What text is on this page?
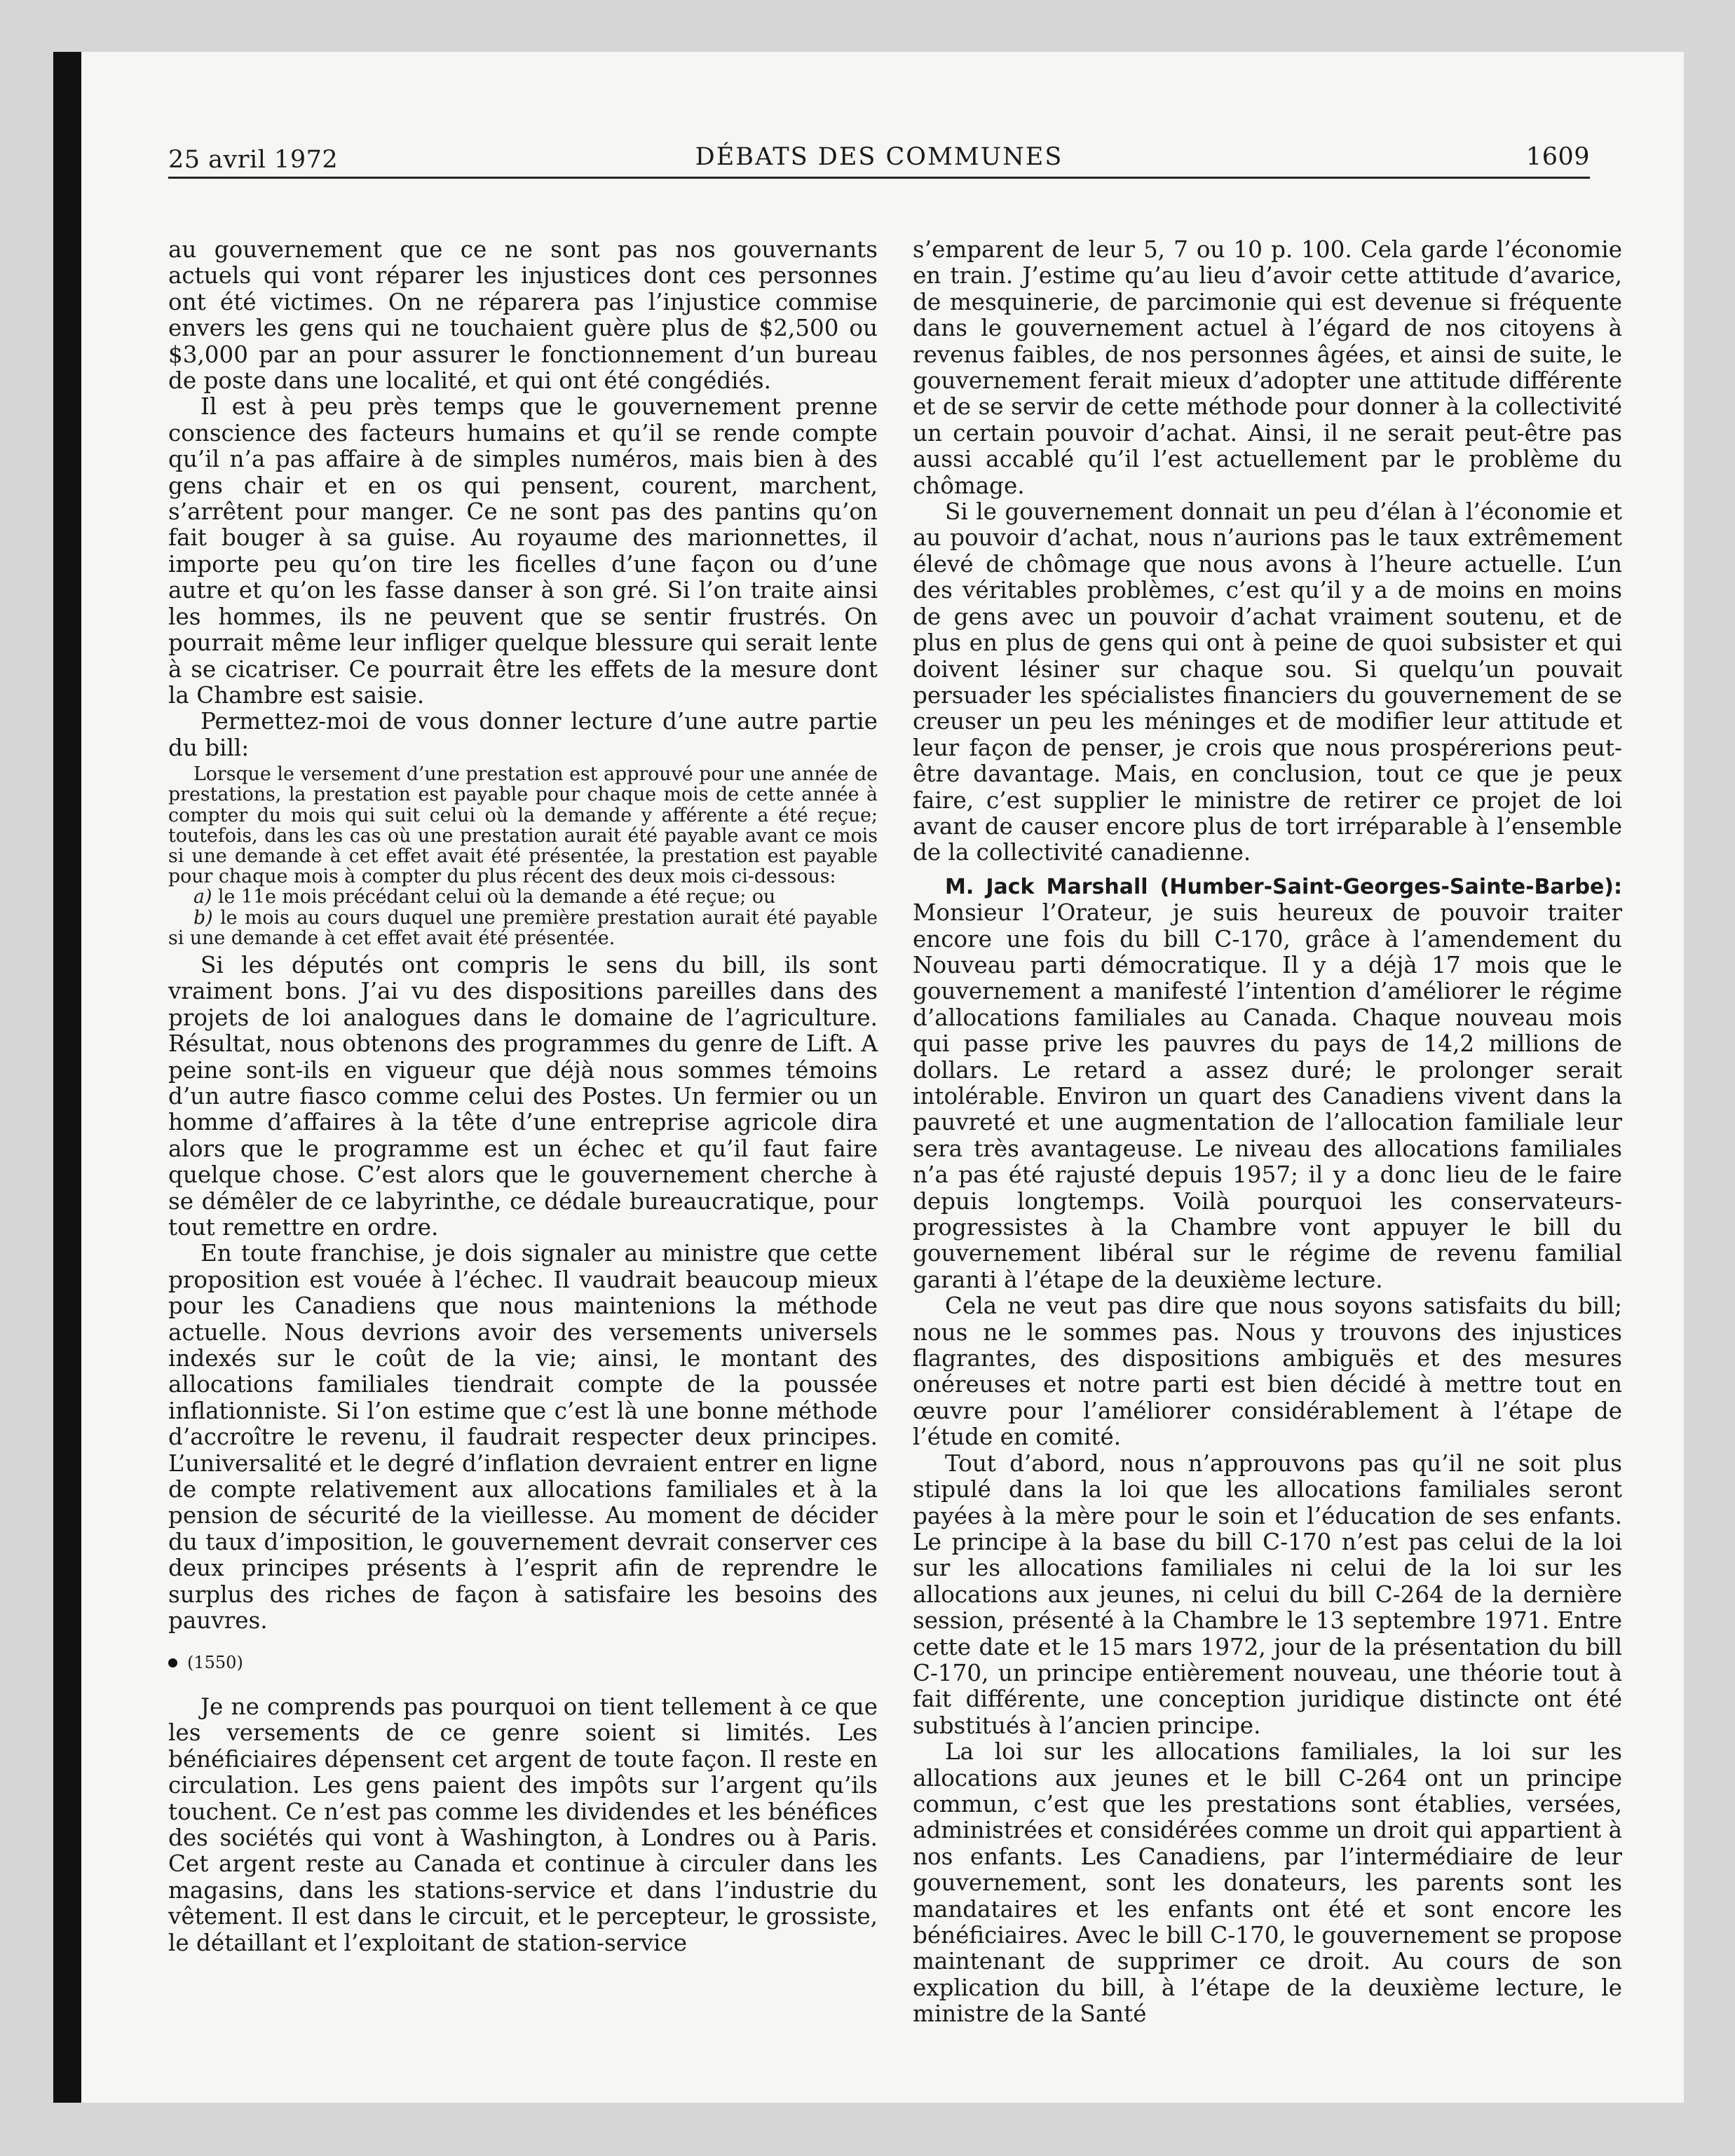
25 avril 1972	DÉBATS DES COMMUNES	1609

au gouvernement que ce ne sont pas nos gouvernants actuels qui vont réparer les injustices dont ces personnes ont été victimes. On ne réparera pas l’injustice commise envers les gens qui ne touchaient guère plus de $2,500 ou $3,000 par an pour assurer le fonctionnement d’un bureau de poste dans une localité, et qui ont été congédiés.

Il est à peu près temps que le gouvernement prenne conscience des facteurs humains et qu’il se rende compte qu’il n’a pas affaire à de simples numéros, mais bien à des gens chair et en os qui pensent, courent, marchent, s’arrêtent pour manger. Ce ne sont pas des pantins qu’on fait bouger à sa guise. Au royaume des marionnettes, il importe peu qu’on tire les ficelles d’une façon ou d’une autre et qu’on les fasse danser à son gré. Si l’on traite ainsi les hommes, ils ne peuvent que se sentir frustrés. On pourrait même leur infliger quelque blessure qui serait lente à se cicatriser. Ce pourrait être les effets de la mesure dont la Chambre est saisie.

Permettez-moi de vous donner lecture d’une autre partie du bill:

Lorsque le versement d’une prestation est approuvé pour une année de prestations, la prestation est payable pour chaque mois de cette année à compter du mois qui suit celui où la demande y afférente a été reçue; toutefois, dans les cas où une prestation aurait été payable avant ce mois si une demande à cet effet avait été présentée, la prestation est payable pour chaque mois à compter du plus récent des deux mois ci-dessous:

a) le 11e mois précédant celui où la demande a été reçue; ou

b) le mois au cours duquel une première prestation aurait été payable si une demande à cet effet avait été présentée.

Si les députés ont compris le sens du bill, ils sont vraiment bons. J’ai vu des dispositions pareilles dans des projets de loi analogues dans le domaine de l’agriculture. Résultat, nous obtenons des programmes du genre de Lift. A peine sont-ils en vigueur que déjà nous sommes témoins d’un autre fiasco comme celui des Postes. Un fermier ou un homme d’affaires à la tête d’une entreprise agricole dira alors que le programme est un échec et qu’il faut faire quelque chose. C’est alors que le gouvernement cherche à se démêler de ce labyrinthe, ce dédale bureaucratique, pour tout remettre en ordre.

En toute franchise, je dois signaler au ministre que cette proposition est vouée à l’échec. Il vaudrait beaucoup mieux pour les Canadiens que nous maintenions la méthode actuelle. Nous devrions avoir des versements universels indexés sur le coût de la vie; ainsi, le montant des allocations familiales tiendrait compte de la poussée inflationniste. Si l’on estime que c’est là une bonne méthode d’accroître le revenu, il faudrait respecter deux principes. L’universalité et le degré d’inflation devraient entrer en ligne de compte relativement aux allocations familiales et à la pension de sécurité de la vieillesse. Au moment de décider du taux d’imposition, le gouvernement devrait conserver ces deux principes présents à l’esprit afin de reprendre le surplus des riches de façon à satisfaire les besoins des pauvres.

(1550)

Je ne comprends pas pourquoi on tient tellement à ce que les versements de ce genre soient si limités. Les bénéficiaires dépensent cet argent de toute façon. Il reste en circulation. Les gens paient des impôts sur l’argent qu’ils touchent. Ce n’est pas comme les dividendes et les bénéfices des sociétés qui vont à Washington, à Londres ou à Paris. Cet argent reste au Canada et continue à circuler dans les magasins, dans les stations-service et dans l’industrie du vêtement. Il est dans le circuit, et le percepteur, le grossiste, le détaillant et l’exploitant de station-service

s’emparent de leur 5, 7 ou 10 p. 100. Cela garde l’économie en train. J’estime qu’au lieu d’avoir cette attitude d’avarice, de mesquinerie, de parcimonie qui est devenue si fréquente dans le gouvernement actuel à l’égard de nos citoyens à revenus faibles, de nos personnes âgées, et ainsi de suite, le gouvernement ferait mieux d’adopter une attitude différente et de se servir de cette méthode pour donner à la collectivité un certain pouvoir d’achat. Ainsi, il ne serait peut-être pas aussi accablé qu’il l’est actuellement par le problème du chômage.

Si le gouvernement donnait un peu d’élan à l’économie et au pouvoir d’achat, nous n’aurions pas le taux extrêmement élevé de chômage que nous avons à l’heure actuelle. L’un des véritables problèmes, c’est qu’il y a de moins en moins de gens avec un pouvoir d’achat vraiment soutenu, et de plus en plus de gens qui ont à peine de quoi subsister et qui doivent lésiner sur chaque sou. Si quelqu’un pouvait persuader les spécialistes financiers du gouvernement de se creuser un peu les méninges et de modifier leur attitude et leur façon de penser, je crois que nous prospérerions peut-être davantage. Mais, en conclusion, tout ce que je peux faire, c’est supplier le ministre de retirer ce projet de loi avant de causer encore plus de tort irréparable à l’ensemble de la collectivité canadienne.

M. Jack Marshall (Humber-Saint-Georges-Sainte-Barbe): Monsieur l’Orateur, je suis heureux de pouvoir traiter encore une fois du bill C-170, grâce à l’amendement du Nouveau parti démocratique. Il y a déjà 17 mois que le gouvernement a manifesté l’intention d’améliorer le régime d’allocations familiales au Canada. Chaque nouveau mois qui passe prive les pauvres du pays de 14,2 millions de dollars. Le retard a assez duré; le prolonger serait intolérable. Environ un quart des Canadiens vivent dans la pauvreté et une augmentation de l’allocation familiale leur sera très avantageuse. Le niveau des allocations familiales n’a pas été rajusté depuis 1957; il y a donc lieu de le faire depuis longtemps. Voilà pourquoi les conservateurs-progressistes à la Chambre vont appuyer le bill du gouvernement libéral sur le régime de revenu familial garanti à l’étape de la deuxième lecture.

Cela ne veut pas dire que nous soyons satisfaits du bill; nous ne le sommes pas. Nous y trouvons des injustices flagrantes, des dispositions ambiguës et des mesures onéreuses et notre parti est bien décidé à mettre tout en œuvre pour l’améliorer considérablement à l’étape de l’étude en comité.

Tout d’abord, nous n’approuvons pas qu’il ne soit plus stipulé dans la loi que les allocations familiales seront payées à la mère pour le soin et l’éducation de ses enfants. Le principe à la base du bill C-170 n’est pas celui de la loi sur les allocations familiales ni celui de la loi sur les allocations aux jeunes, ni celui du bill C-264 de la dernière session, présenté à la Chambre le 13 septembre 1971. Entre cette date et le 15 mars 1972, jour de la présentation du bill C-170, un principe entièrement nouveau, une théorie tout à fait différente, une conception juridique distincte ont été substitués à l’ancien principe.

La loi sur les allocations familiales, la loi sur les allocations aux jeunes et le bill C-264 ont un principe commun, c’est que les prestations sont établies, versées, administrées et considérées comme un droit qui appartient à nos enfants. Les Canadiens, par l’intermédiaire de leur gouvernement, sont les donateurs, les parents sont les mandataires et les enfants ont été et sont encore les bénéficiaires. Avec le bill C-170, le gouvernement se propose maintenant de supprimer ce droit. Au cours de son explication du bill, à l’étape de la deuxième lecture, le ministre de la Santé
